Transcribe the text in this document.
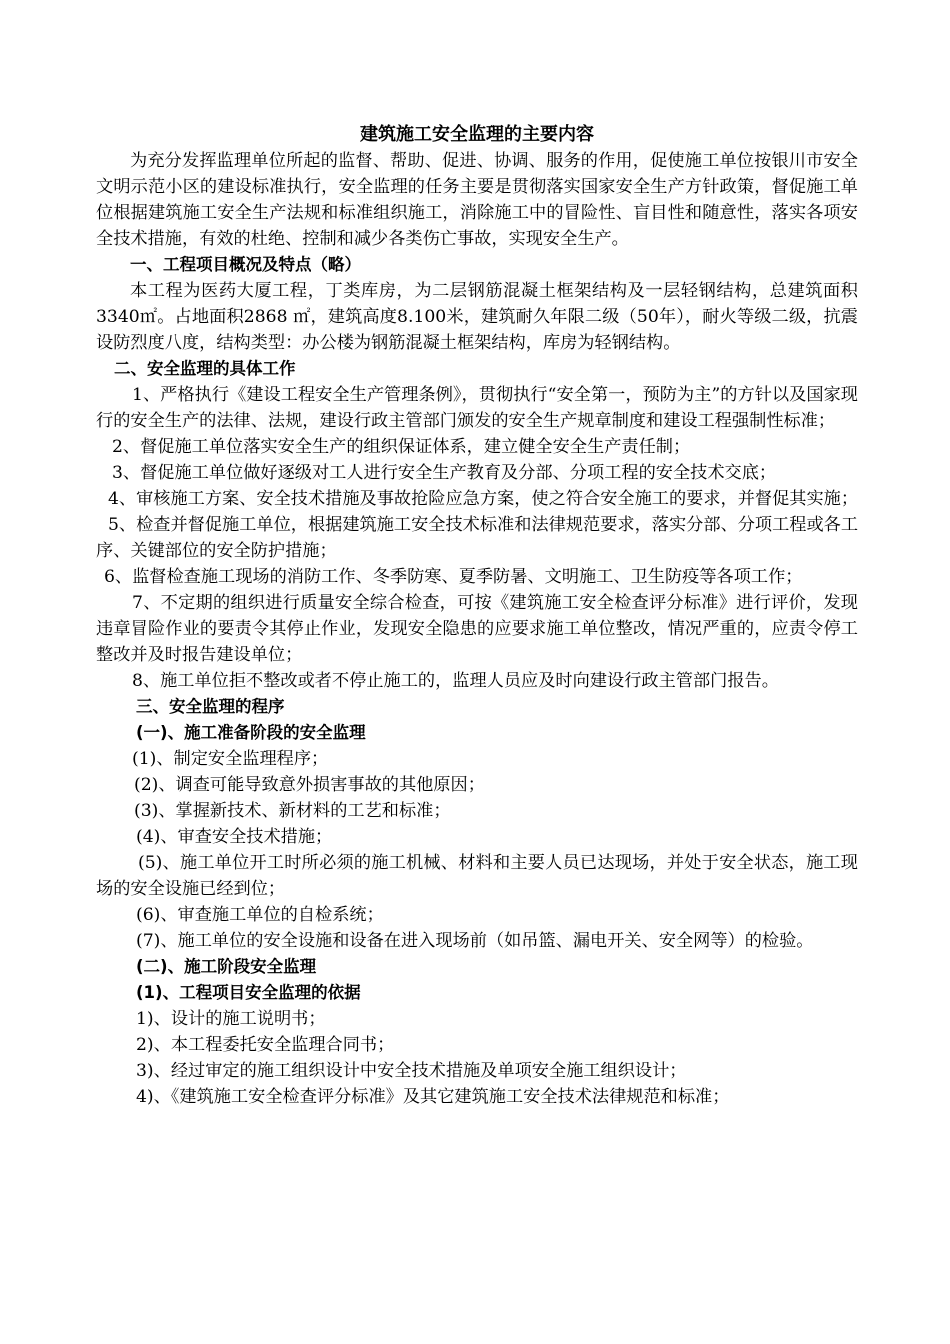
建筑施工安全监理的主要内容

为充分发挥监理单位所起的监督、帮助、促进、协调、服务的作用，促使施工单位按银川市安全文明示范小区的建设标准执行，安全监理的任务主要是贯彻落实国家安全生产方针政策，督促施工单位根据建筑施工安全生产法规和标准组织施工，消除施工中的冒险性、盲目性和随意性，落实各项安全技术措施，有效的杜绝、控制和减少各类伤亡事故，实现安全生产。

一、工程项目概况及特点（略）

本工程为医药大厦工程，丁类库房，为二层钢筋混凝土框架结构及一层轻钢结构，总建筑面积3340㎡。占地面积2868 ㎡，建筑高度8.100米，建筑耐久年限二级（50年），耐火等级二级，抗震设防烈度八度，结构类型：办公楼为钢筋混凝土框架结构，库房为轻钢结构。

二、安全监理的具体工作

1、严格执行《建设工程安全生产管理条例》，贯彻执行“安全第一，预防为主”的方针以及国家现行的安全生产的法律、法规，建设行政主管部门颁发的安全生产规章制度和建设工程强制性标准；

2、督促施工单位落实安全生产的组织保证体系，建立健全安全生产责任制；

3、督促施工单位做好逐级对工人进行安全生产教育及分部、分项工程的安全技术交底；

4、审核施工方案、安全技术措施及事故抢险应急方案，使之符合安全施工的要求，并督促其实施；

5、检查并督促施工单位，根据建筑施工安全技术标准和法律规范要求，落实分部、分项工程或各工序、关键部位的安全防护措施；

6、监督检查施工现场的消防工作、冬季防寒、夏季防暑、文明施工、卫生防疫等各项工作；

7、不定期的组织进行质量安全综合检查，可按《建筑施工安全检查评分标准》进行评价，发现违章冒险作业的要责令其停止作业，发现安全隐患的应要求施工单位整改，情况严重的，应责令停工整改并及时报告建设单位；

8、施工单位拒不整改或者不停止施工的，监理人员应及时向建设行政主管部门报告。

三、安全监理的程序

(一)、施工准备阶段的安全监理

(1)、制定安全监理程序；

(2)、调查可能导致意外损害事故的其他原因；

(3)、掌握新技术、新材料的工艺和标准；

(4)、审查安全技术措施；

(5)、施工单位开工时所必须的施工机械、材料和主要人员已达现场，并处于安全状态，施工现场的安全设施已经到位；

(6)、审查施工单位的自检系统；

(7)、施工单位的安全设施和设备在进入现场前（如吊篮、漏电开关、安全网等）的检验。

(二)、施工阶段安全监理

(1)、工程项目安全监理的依据

1)、设计的施工说明书；

2)、本工程委托安全监理合同书；

3)、经过审定的施工组织设计中安全技术措施及单项安全施工组织设计；

4)、《建筑施工安全检查评分标准》及其它建筑施工安全技术法律规范和标准；
